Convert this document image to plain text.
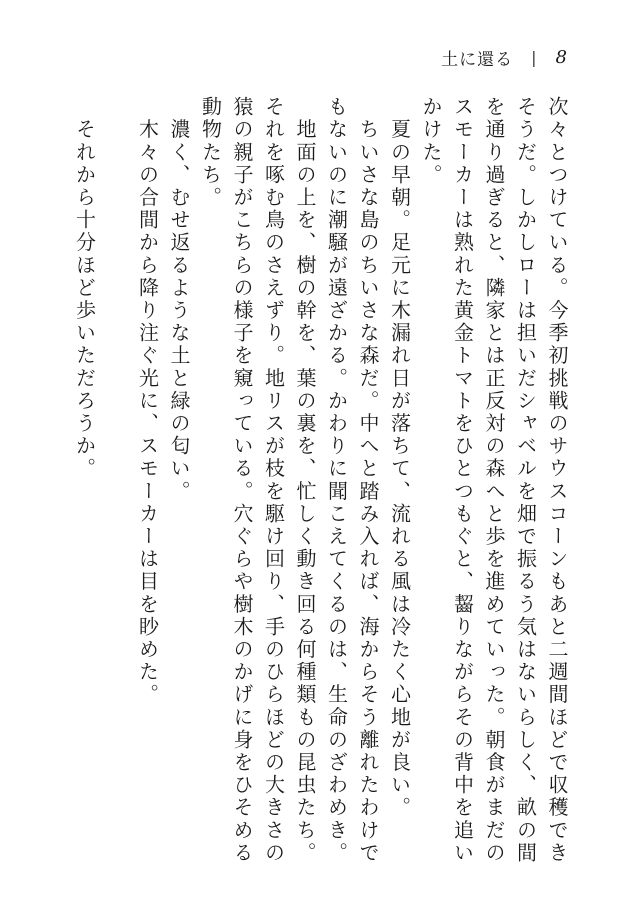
土に還る | 8

次々とつけている。今季初挑戦のサウスコーンもあと二週間ほどで収穫できそうだ。しかしローは担いだシャベルを畑で振るう気はないらしく、畝の間を通り過ぎると、隣家とは正反対の森へと歩を進めていった。朝食がまだのスモーカーは熟れた黄金トマトをひとつもぐと、齧りながらその背中を追いかけた。

　夏の早朝。足元に木漏れ日が落ちて、流れる風は冷たく心地が良い。

　ちいさな島のちいさな森だ。中へと踏み入れば、海からそう離れたわけでもないのに潮騒が遠ざかる。かわりに聞こえてくるのは、生命のざわめき。

　地面の上を、樹の幹を、葉の裏を、忙しく動き回る何種類もの昆虫たち。それを啄む鳥のさえずり。地リスが枝を駆け回り、手のひらほどの大きさの猿の親子がこちらの様子を窺っている。穴ぐらや樹木のかげに身をひそめる動物たち。

　濃く、むせ返るような土と緑の匂い。

　木々の合間から降り注ぐ光に、スモーカーは目を眇めた。

　それから十分ほど歩いただろうか。
